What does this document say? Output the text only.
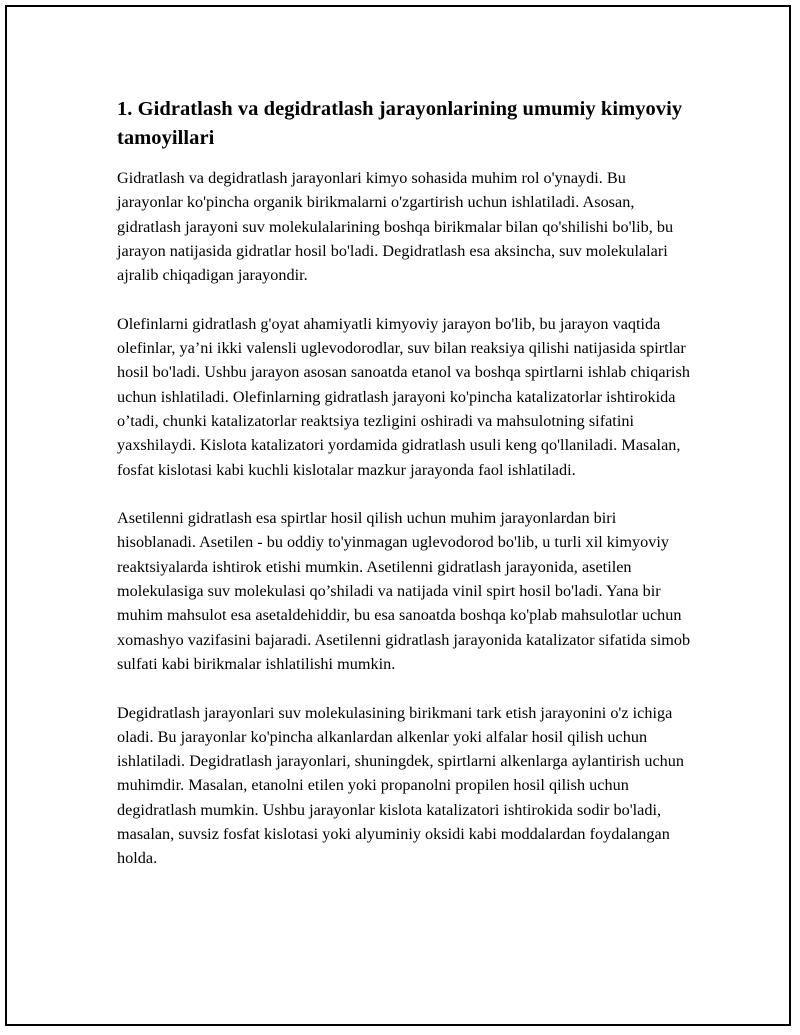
1. Gidratlash va degidratlash jarayonlarining umumiy kimyoviy tamoyillari

Gidratlash va degidratlash jarayonlari kimyo sohasida muhim rol o'ynaydi. Bu jarayonlar ko'pincha organik birikmalarni o'zgartirish uchun ishlatiladi. Asosan, gidratlash jarayoni suv molekulalarining boshqa birikmalar bilan qo'shilishi bo'lib, bu jarayon natijasida gidratlar hosil bo'ladi. Degidratlash esa aksincha, suv molekulalari ajralib chiqadigan jarayondir.

Olefinlarni gidratlash g'oyat ahamiyatli kimyoviy jarayon bo'lib, bu jarayon vaqtida olefinlar, ya’ni ikki valensli uglevodorodlar, suv bilan reaksiya qilishi natijasida spirtlar hosil bo'ladi. Ushbu jarayon asosan sanoatda etanol va boshqa spirtlarni ishlab chiqarish uchun ishlatiladi. Olefinlarning gidratlash jarayoni ko'pincha katalizatorlar ishtirokida o’tadi, chunki katalizatorlar reaktsiya tezligini oshiradi va mahsulotning sifatini yaxshilaydi. Kislota katalizatori yordamida gidratlash usuli keng qo'llaniladi. Masalan, fosfat kislotasi kabi kuchli kislotalar mazkur jarayonda faol ishlatiladi.

Asetilenni gidratlash esa spirtlar hosil qilish uchun muhim jarayonlardan biri hisoblanadi. Asetilen - bu oddiy to'yinmagan uglevodorod bo'lib, u turli xil kimyoviy reaktsiyalarda ishtirok etishi mumkin. Asetilenni gidratlash jarayonida, asetilen molekulasiga suv molekulasi qo’shiladi va natijada vinil spirt hosil bo'ladi. Yana bir muhim mahsulot esa asetaldehiddir, bu esa sanoatda boshqa ko'plab mahsulotlar uchun xomashyo vazifasini bajaradi. Asetilenni gidratlash jarayonida katalizator sifatida simob sulfati kabi birikmalar ishlatilishi mumkin.

Degidratlash jarayonlari suv molekulasining birikmani tark etish jarayonini o'z ichiga oladi. Bu jarayonlar ko'pincha alkanlardan alkenlar yoki alfalar hosil qilish uchun ishlatiladi. Degidratlash jarayonlari, shuningdek, spirtlarni alkenlarga aylantirish uchun muhimdir. Masalan, etanolni etilen yoki propanolni propilen hosil qilish uchun degidratlash mumkin. Ushbu jarayonlar kislota katalizatori ishtirokida sodir bo'ladi, masalan, suvsiz fosfat kislotasi yoki alyuminiy oksidi kabi moddalardan foydalangan holda.
